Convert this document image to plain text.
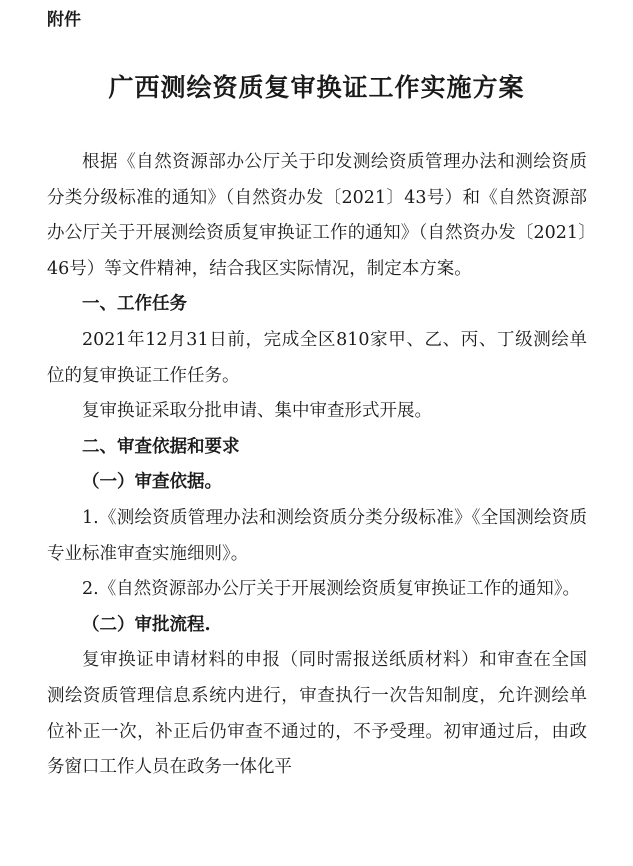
附件
广西测绘资质复审换证工作实施方案

根据《自然资源部办公厅关于印发测绘资质管理办法和测绘资质分类分级标准的通知》（自然资办发〔2021〕43号）和《自然资源部办公厅关于开展测绘资质复审换证工作的通知》（自然资办发〔2021〕46号）等文件精神，结合我区实际情况，制定本方案。

一、工作任务

2021年12月31日前，完成全区810家甲、乙、丙、丁级测绘单位的复审换证工作任务。

复审换证采取分批申请、集中审查形式开展。

二、审查依据和要求

（一）审查依据。

1.《测绘资质管理办法和测绘资质分类分级标准》《全国测绘资质专业标准审查实施细则》。

2.《自然资源部办公厅关于开展测绘资质复审换证工作的通知》。

（二）审批流程.

复审换证申请材料的申报（同时需报送纸质材料）和审查在全国测绘资质管理信息系统内进行，审查执行一次告知制度，允许测绘单位补正一次，补正后仍审查不通过的，不予受理。初审通过后，由政务窗口工作人员在政务一体化平
